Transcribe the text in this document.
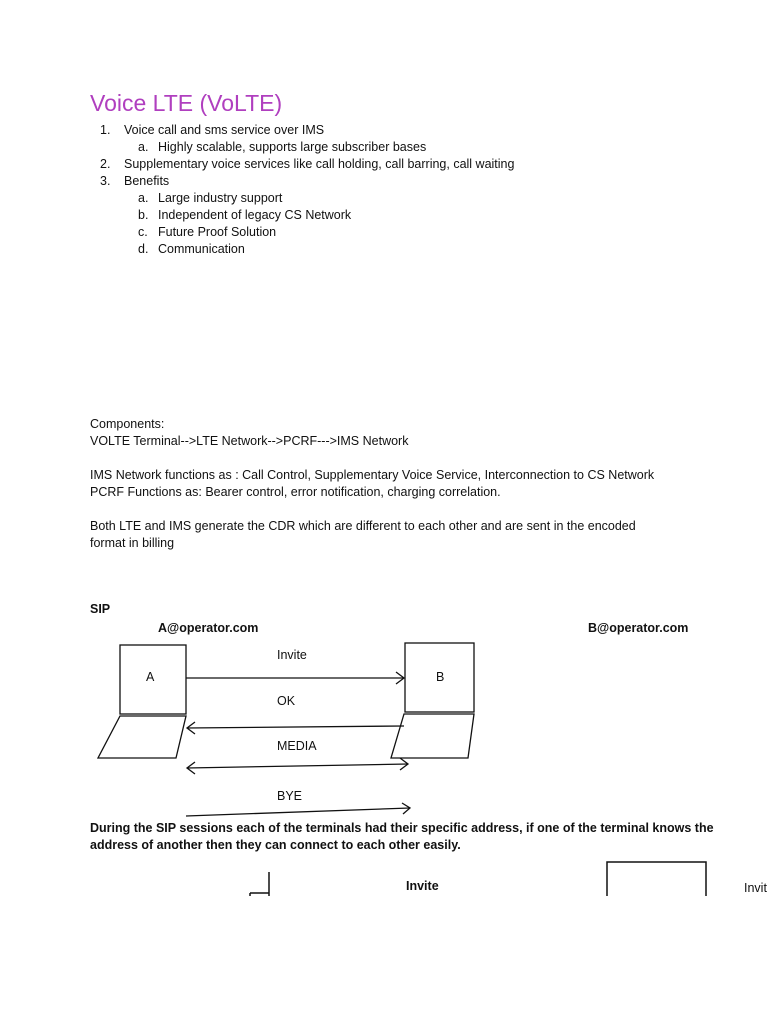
Voice LTE (VoLTE)
1.	Voice call and sms service over IMS
a. Highly scalable, supports large subscriber bases
2. Supplementary voice services like call holding, call barring, call waiting
3. Benefits
a. Large industry support
b. Independent of legacy CS Network
c. Future Proof Solution
d. Communication
Components:
VOLTE Terminal-->LTE Network-->PCRF--->IMS Network
IMS Network functions as : Call Control, Supplementary Voice Service, Interconnection to CS Network
PCRF Functions as: Bearer control, error notification, charging correlation.
Both LTE and IMS generate the CDR which are different to each other and are sent in the encoded
format in billing
SIP
A@operator.com	B@operator.com
A	B
Invite
OK
MEDIA
BYE
Invite	Invit
During the SIP sessions each of the terminals had their specific address, if one of the terminal knows the
address of another then they can connect to each other easily.
